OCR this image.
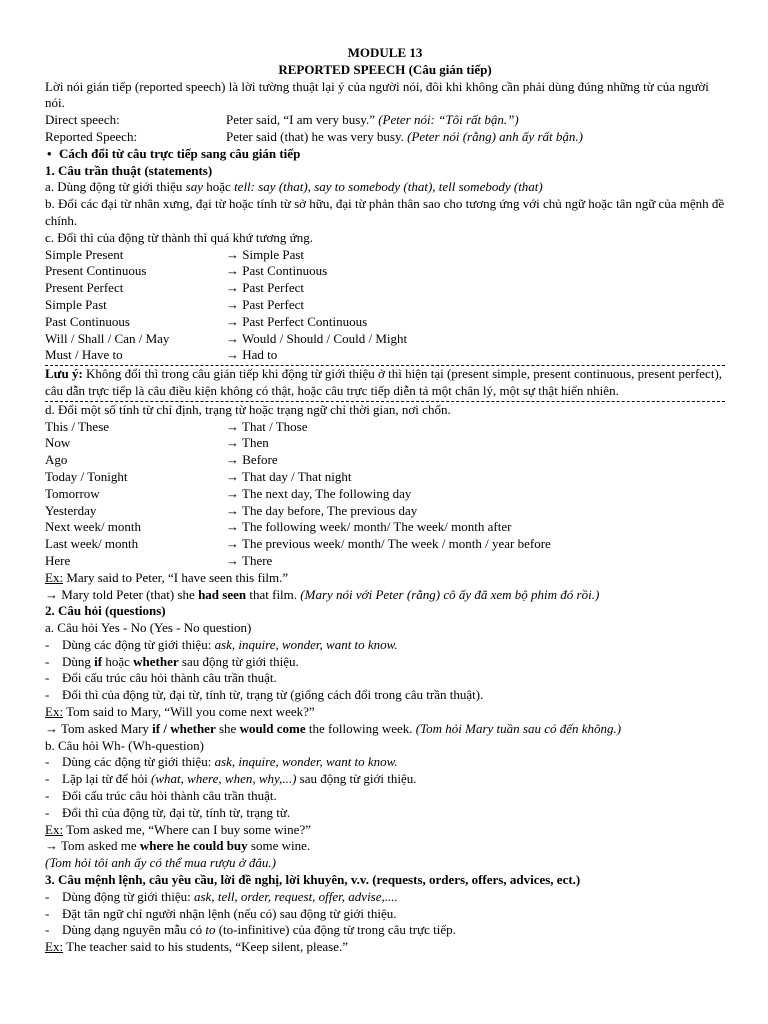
MODULE 13
REPORTED SPEECH (Câu gián tiếp)

Lời nói gián tiếp (reported speech) là lời tường thuật lại ý của người nói, đôi khi không cần phải dùng đúng những từ của người nói.

Direct speech:	Peter said, “I am very busy.” (Peter nói: “Tôi rất bận.”)
Reported Speech:	Peter said (that) he was very busy. (Peter nói (rằng) anh ấy rất bận.)
• Cách đổi từ câu trực tiếp sang câu gián tiếp
1. Câu trần thuật (statements)
a. Dùng động từ giới thiệu say hoặc tell: say (that), say to somebody (that), tell somebody (that)

b. Đổi các đại từ nhân xưng, đại từ hoặc tính từ sở hữu, đại từ phản thân sao cho tương ứng với chủ ngữ hoặc tân ngữ của mệnh đề chính.

c. Đổi thì của động từ thành thì quá khứ tương ứng.
Simple Present	→ Simple Past
Present Continuous	→ Past Continuous
Present Perfect	→ Past Perfect
Simple Past	→ Past Perfect
Past Continuous	→ Past Perfect Continuous
Will / Shall / Can / May	→ Would / Should / Could / Might
Must / Have to	→ Had to

Lưu ý: Không đổi thì trong câu gián tiếp khi động từ giới thiệu ở thì hiện tại (present simple, present continuous, present perfect), câu dẫn trực tiếp là câu điều kiện không có thật, hoặc câu trực tiếp diễn tả một chân lý, một sự thật hiển nhiên.

d. Đổi một số tính từ chỉ định, trạng từ hoặc trạng ngữ chỉ thời gian, nơi chốn.
This / These	→ That / Those
Now	→ Then
Ago	→ Before
Today / Tonight	→ That day / That night
Tomorrow	→ The next day, The following day
Yesterday	→ The day before, The previous day
Next week/ month	→ The following week/ month/ The week/ month after
Last week/ month	→ The previous week/ month/ The week / month / year before
Here	→ There
Ex: Mary said to Peter, “I have seen this film.”
→ Mary told Peter (that) she had seen that film. (Mary nói với Peter (rằng) cô ấy đã xem bộ phim đó rồi.)
2. Câu hỏi (questions)
a. Câu hỏi Yes - No (Yes - No question)
- Dùng các động từ giới thiệu: ask, inquire, wonder, want to know.
- Dùng if hoặc whether sau động từ giới thiệu.
- Đổi cấu trúc câu hỏi thành câu trần thuật.
- Đổi thì của động từ, đại từ, tính từ, trạng từ (giống cách đổi trong câu trần thuật).
Ex: Tom said to Mary, “Will you come next week?”
→ Tom asked Mary if / whether she would come the following week. (Tom hỏi Mary tuần sau có đến không.)
b. Câu hỏi Wh- (Wh-question)
- Dùng các động từ giới thiệu: ask, inquire, wonder, want to know.
- Lặp lại từ để hỏi (what, where, when, why,...) sau động từ giới thiệu.
- Đổi cấu trúc câu hỏi thành câu trần thuật.
- Đổi thì của động từ, đại từ, tính từ, trạng từ.
Ex: Tom asked me, “Where can I buy some wine?”
→ Tom asked me where he could buy some wine.
(Tom hỏi tôi anh ấy có thể mua rượu ở đâu.)
3. Câu mệnh lệnh, câu yêu cầu, lời đề nghị, lời khuyên, v.v. (requests, orders, offers, advices, ect.)
- Dùng động từ giới thiệu: ask, tell, order, request, offer, advise,....
- Đặt tân ngữ chỉ người nhận lệnh (nếu có) sau động từ giới thiệu.
- Dùng dạng nguyên mẫu có to (to-infinitive) của động từ trong câu trực tiếp.
Ex: The teacher said to his students, “Keep silent, please.”
